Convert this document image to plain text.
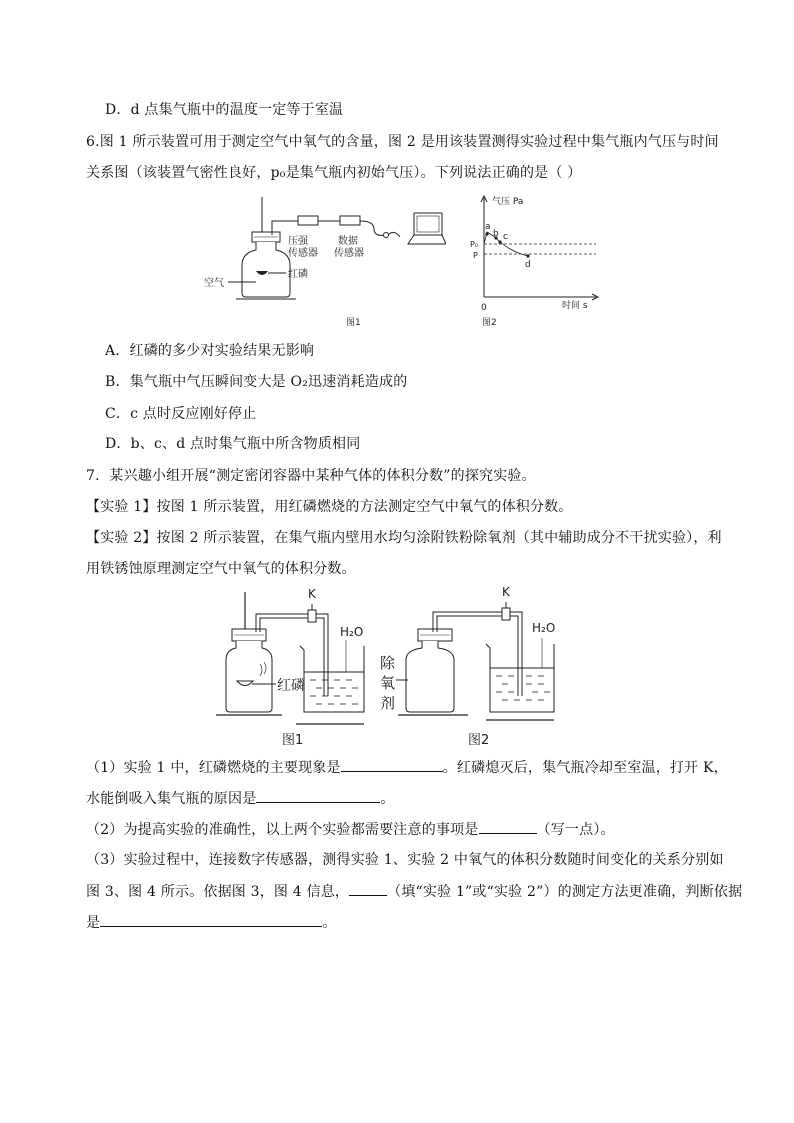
D．d 点集气瓶中的温度一定等于室温
6.图 1 所示装置可用于测定空气中氧气的含量，图 2 是用该装置测得实验过程中集气瓶内气压与时间
关系图（该装置气密性良好，p₀是集气瓶内初始气压）。下列说法正确的是（ ）
压强
传感器
数据
传感器
空气
红磷
图1
气压 Pa
时间 s
0
P₀
P
a
b c
d
图2
A．红磷的多少对实验结果无影响
B．集气瓶中气压瞬间变大是 O₂迅速消耗造成的
C．c 点时反应刚好停止
D．b、c、d 点时集气瓶中所含物质相同
7．某兴趣小组开展“测定密闭容器中某种气体的体积分数”的探究实验。
【实验 1】按图 1 所示装置，用红磷燃烧的方法测定空气中氧气的体积分数。
【实验 2】按图 2 所示装置，在集气瓶内壁用水均匀涂附铁粉除氧剂（其中辅助成分不干扰实验），利
用铁锈蚀原理测定空气中氧气的体积分数。
K
H₂O
红磷
图1
K
H₂O
除
氧
剂
图2
（1）实验 1 中，红磷燃烧的主要现象是	。红磷熄灭后，集气瓶冷却至室温，打开 K，
水能倒吸入集气瓶的原因是	。
（2）为提高实验的准确性，以上两个实验都需要注意的事项是	（写一点）。
（3）实验过程中，连接数字传感器，测得实验 1、实验 2 中氧气的体积分数随时间变化的关系分别如
图 3、图 4 所示。依据图 3，图 4 信息，	（填“实验 1”或“实验 2”）的测定方法更准确，判断依据
是	。
